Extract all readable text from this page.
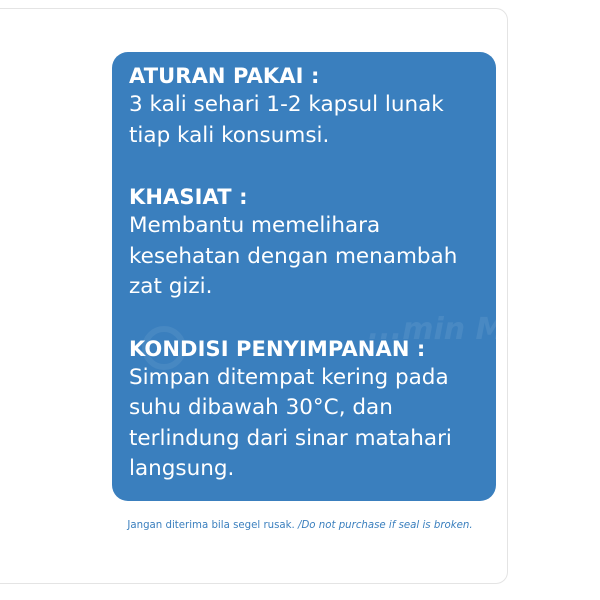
ATURAN PAKAI :
3 kali sehari 1-2 kapsul lunak
tiap kali konsumsi.
KHASIAT :
Membantu memelihara
kesehatan dengan menambah
zat gizi.
KONDISI PENYIMPANAN :
Simpan ditempat kering pada
suhu dibawah 30°C, dan
terlindung dari sinar matahari
langsung.
Murah
Jangan diterima bila segel rusak. /Do not purchase if seal is broken.
